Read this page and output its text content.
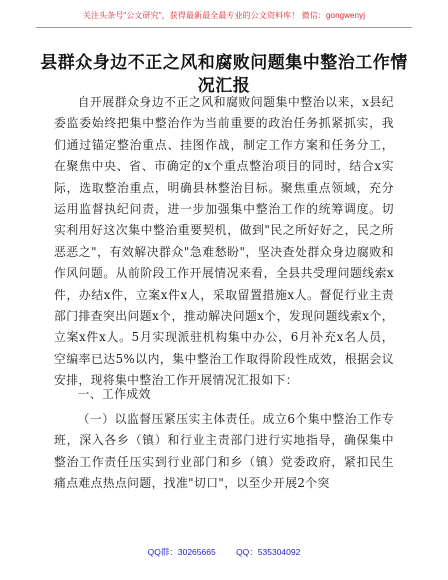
关注头条号"公文研究"，获得最新最全最专业的公文资料库！ 微信：gongwenyj
县群众身边不正之风和腐败问题集中整治工作情况汇报
自开展群众身边不正之风和腐败问题集中整治以来，x县纪委监委始终把集中整治作为当前重要的政治任务抓紧抓实，我们通过锚定整治重点、挂图作战，制定工作方案和任务分工，在聚焦中央、省、市确定的x个重点整治项目的同时，结合x实际，选取整治重点，明确县林整治目标。聚焦重点领域，充分运用监督执纪问责，进一步加强集中整治工作的统筹调度。切实利用好这次集中整治重要契机，做到"民之所好好之，民之所恶恶之"，有效解决群众"急难愁盼"，坚决查处群众身边腐败和作风问题。从前阶段工作开展情况来看，全县共受理问题线索x件，办结x件，立案x件x人，采取留置措施x人。督促行业主责部门排查突出问题x个，推动解决问题x个，发现问题线索x个，立案x件x人。5月实现派驻机构集中办公，6月补充x名人员，空编率已达5%以内，集中整治工作取得阶段性成效，根据会议安排，现将集中整治工作开展情况汇报如下：
一、工作成效
（一）以监督压紧压实主体责任。成立6个集中整治工作专班，深入各乡（镇）和行业主责部门进行实地指导，确保集中整治工作责任压实到行业部门和乡（镇）党委政府，紧扣民生痛点难点热点问题，找准"切口"，以至少开展2个突
QQ群：30265665 QQ：535304092
